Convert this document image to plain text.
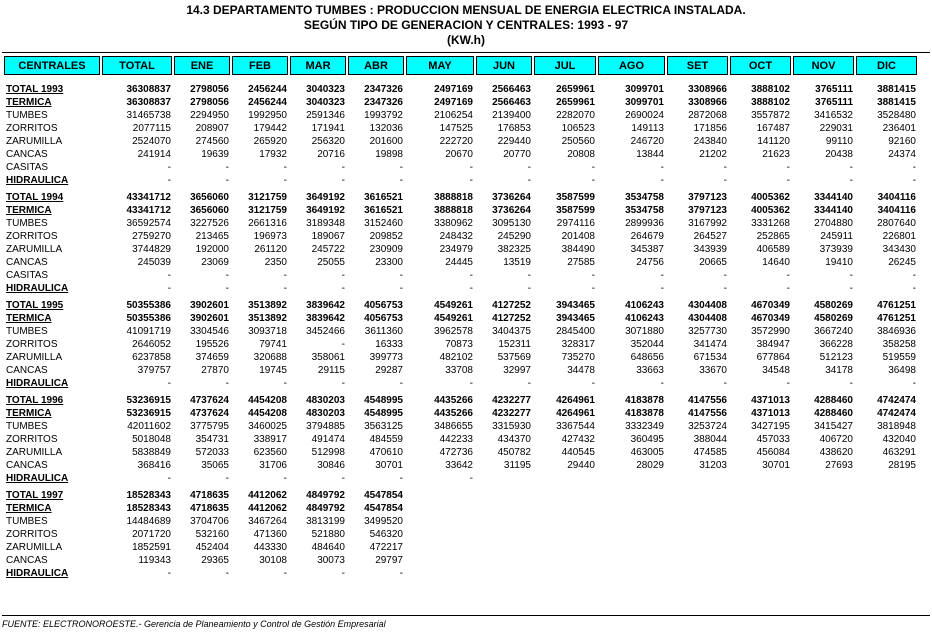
14.3 DEPARTAMENTO TUMBES : PRODUCCION MENSUAL DE ENERGIA ELECTRICA INSTALADA.
SEGÚN TIPO DE GENERACION Y CENTRALES: 1993 - 97
(KW.h)
CENTRALES	TOTAL	ENE	FEB	MAR	ABR	MAY	JUN	JUL	AGO	SET	OCT	NOV	DIC

TOTAL 1993	36308837	2798056	2456244	3040323	2347326	2497169	2566463	2659961	3099701	3308966	3888102	3765111	3881415
TERMICA	36308837	2798056	2456244	3040323	2347326	2497169	2566463	2659961	3099701	3308966	3888102	3765111	3881415
TUMBES	31465738	2294950	1992950	2591346	1993792	2106254	2139400	2282070	2690024	2872068	3557872	3416532	3528480
ZORRITOS	2077115	208907	179442	171941	132036	147525	176853	106523	149113	171856	167487	229031	236401
ZARUMILLA	2524070	274560	265920	256320	201600	222720	229440	250560	246720	243840	141120	99110	92160
CANCAS	241914	19639	17932	20716	19898	20670	20770	20808	13844	21202	21623	20438	24374
CASITAS	-	-	-	-	-	-	-	-	-	-	-	-	-
HIDRAULICA	-	-	-	-	-	-	-	-	-	-	-	-	-

TOTAL 1994	43341712	3656060	3121759	3649192	3616521	3888818	3736264	3587599	3534758	3797123	4005362	3344140	3404116
TERMICA	43341712	3656060	3121759	3649192	3616521	3888818	3736264	3587599	3534758	3797123	4005362	3344140	3404116
TUMBES	36592574	3227526	2661316	3189348	3152460	3380962	3095130	2974116	2899936	3167992	3331268	2704880	2807640
ZORRITOS	2759270	213465	196973	189067	209852	248432	245290	201408	264679	264527	252865	245911	226801
ZARUMILLA	3744829	192000	261120	245722	230909	234979	382325	384490	345387	343939	406589	373939	343430
CANCAS	245039	23069	2350	25055	23300	24445	13519	27585	24756	20665	14640	19410	26245
CASITAS	-	-	-	-	-	-	-	-	-	-	-	-	-
HIDRAULICA	-	-	-	-	-	-	-	-	-	-	-	-	-

TOTAL 1995	50355386	3902601	3513892	3839642	4056753	4549261	4127252	3943465	4106243	4304408	4670349	4580269	4761251
TERMICA	50355386	3902601	3513892	3839642	4056753	4549261	4127252	3943465	4106243	4304408	4670349	4580269	4761251
TUMBES	41091719	3304546	3093718	3452466	3611360	3962578	3404375	2845400	3071880	3257730	3572990	3667240	3846936
ZORRITOS	2646052	195526	79741	-	16333	70873	152311	328317	352044	341474	384947	366228	358258
ZARUMILLA	6237858	374659	320688	358061	399773	482102	537569	735270	648656	671534	677864	512123	519559
CANCAS	379757	27870	19745	29115	29287	33708	32997	34478	33663	33670	34548	34178	36498
HIDRAULICA	-	-	-	-	-	-	-	-	-	-	-	-	-

TOTAL 1996	53236915	4737624	4454208	4830203	4548995	4435266	4232277	4264961	4183878	4147556	4371013	4288460	4742474
TERMICA	53236915	4737624	4454208	4830203	4548995	4435266	4232277	4264961	4183878	4147556	4371013	4288460	4742474
TUMBES	42011602	3775795	3460025	3794885	3563125	3486655	3315930	3367544	3332349	3253724	3427195	3415427	3818948
ZORRITOS	5018048	354731	338917	491474	484559	442233	434370	427432	360495	388044	457033	406720	432040
ZARUMILLA	5838849	572033	623560	512998	470610	472736	450782	440545	463005	474585	456084	438620	463291
CANCAS	368416	35065	31706	30846	30701	33642	31195	29440	28029	31203	30701	27693	28195
HIDRAULICA	-	-	-	-	-	-							

TOTAL 1997	18528343	4718635	4412062	4849792	4547854								
TERMICA	18528343	4718635	4412062	4849792	4547854								
TUMBES	14484689	3704706	3467264	3813199	3499520								
ZORRITOS	2071720	532160	471360	521880	546320								
ZARUMILLA	1852591	452404	443330	484640	472217								
CANCAS	119343	29365	30108	30073	29797								
HIDRAULICA	-	-	-	-	-								
FUENTE: ELECTRONOROESTE.- Gerencia de Planeamiento y Control de Gestión Empresarial
